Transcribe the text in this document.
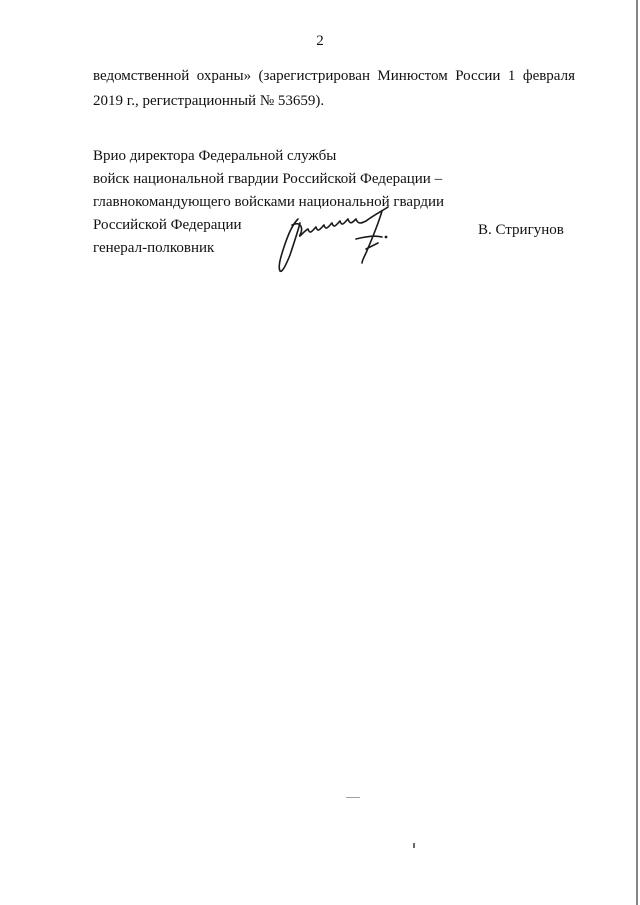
2
ведомственной охраны» (зарегистрирован Минюстом России 1 февраля
2019 г., регистрационный № 53659).
Врио директора Федеральной службы
войск национальной гвардии Российской Федерации –
главнокомандующего войсками национальной гвардии
Российской Федерации
генерал-полковник
В. Стригунов
